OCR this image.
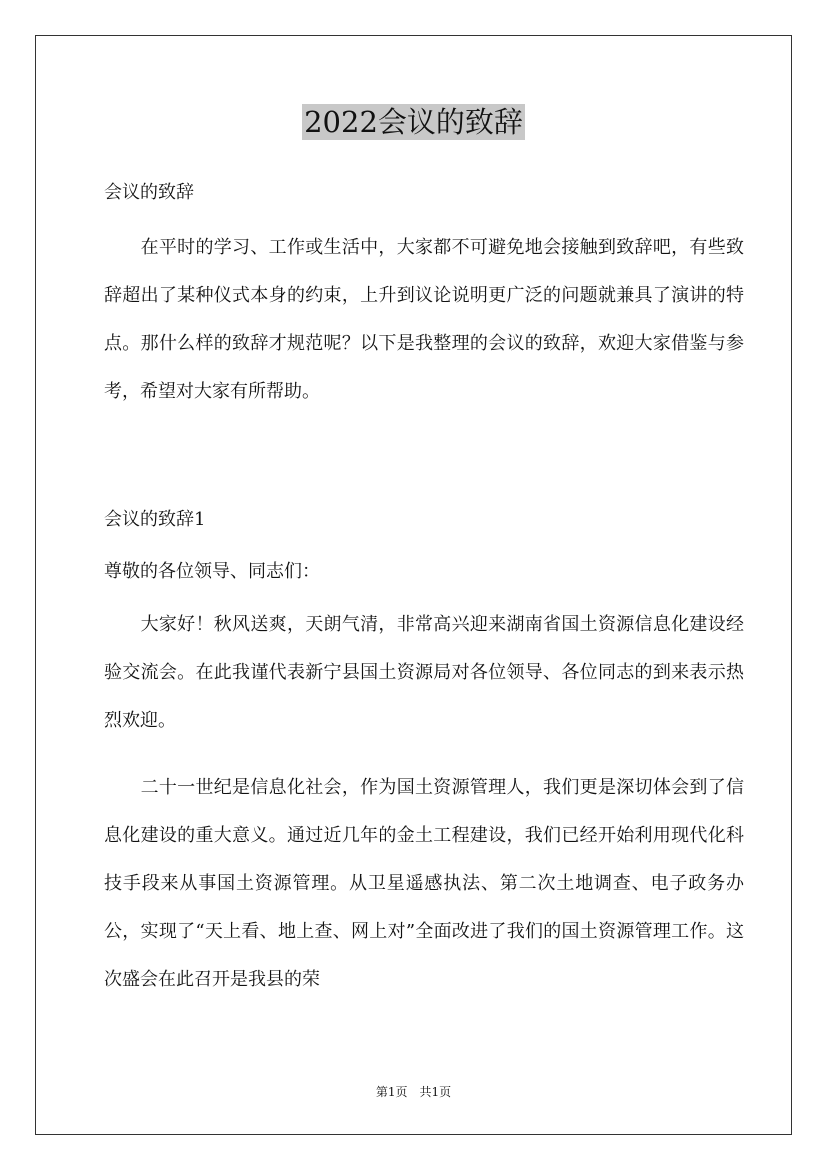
2022会议的致辞
会议的致辞
　　在平时的学习、工作或生活中，大家都不可避免地会接触到致辞吧，有些致辞超出了某种仪式本身的约束，上升到议论说明更广泛的问题就兼具了演讲的特点。那什么样的致辞才规范呢？以下是我整理的会议的致辞，欢迎大家借鉴与参考，希望对大家有所帮助。
会议的致辞1
尊敬的各位领导、同志们：
　　大家好！秋风送爽，天朗气清，非常高兴迎来湖南省国土资源信息化建设经验交流会。在此我谨代表新宁县国土资源局对各位领导、各位同志的到来表示热烈欢迎。
　　二十一世纪是信息化社会，作为国土资源管理人，我们更是深切体会到了信息化建设的重大意义。通过近几年的金土工程建设，我们已经开始利用现代化科技手段来从事国土资源管理。从卫星遥感执法、第二次土地调查、电子政务办公，实现了“天上看、地上查、网上对”全面改进了我们的国土资源管理工作。这次盛会在此召开是我县的荣
第1页　共1页
